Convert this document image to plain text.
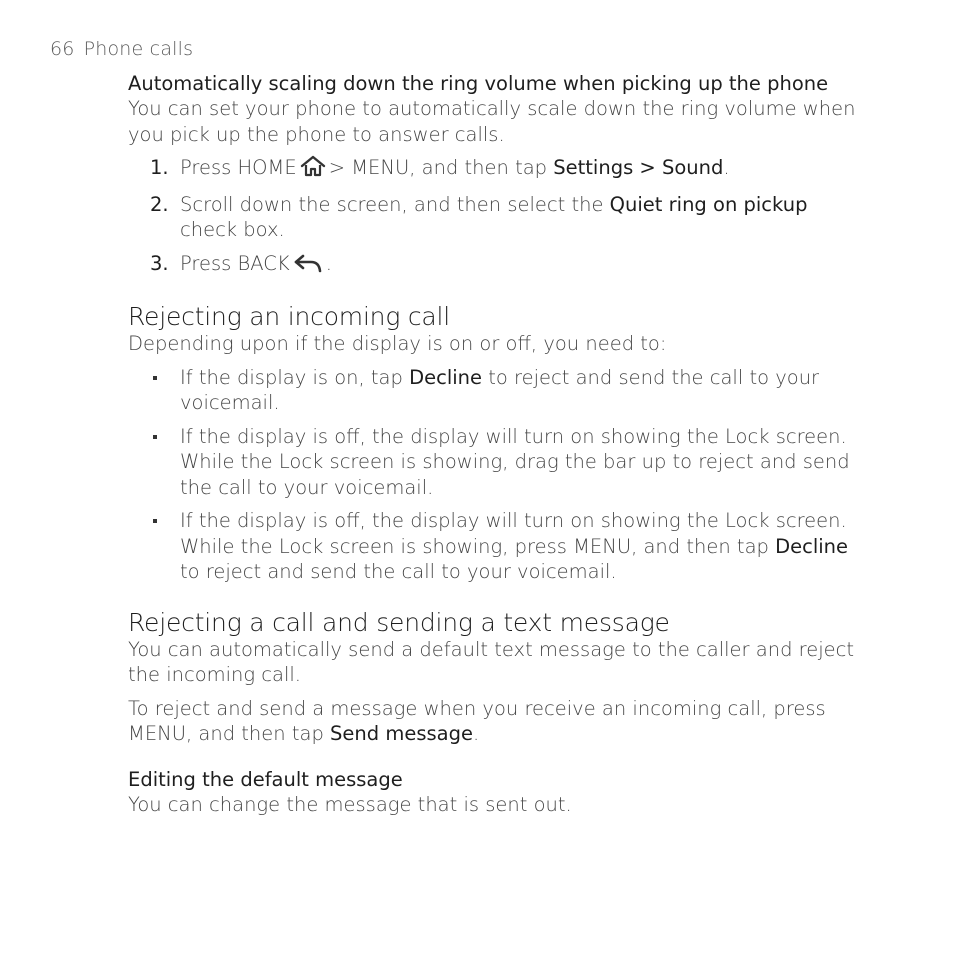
66 Phone calls
Automatically scaling down the ring volume when picking up the phone

You can set your phone to automatically scale down the ring volume when you pick up the phone to answer calls.

1. Press HOME > MENU, and then tap Settings > Sound.
2. Scroll down the screen, and then select the Quiet ring on pickup check box.
3. Press BACK .
Rejecting an incoming call

Depending upon if the display is on or off, you need to:

If the display is on, tap Decline to reject and send the call to your voicemail.
If the display is off, the display will turn on showing the Lock screen. While the Lock screen is showing, drag the bar up to reject and send the call to your voicemail.
If the display is off, the display will turn on showing the Lock screen. While the Lock screen is showing, press MENU, and then tap Decline to reject and send the call to your voicemail.
Rejecting a call and sending a text message

You can automatically send a default text message to the caller and reject the incoming call.

To reject and send a message when you receive an incoming call, press MENU, and then tap Send message.

Editing the default message

You can change the message that is sent out.
